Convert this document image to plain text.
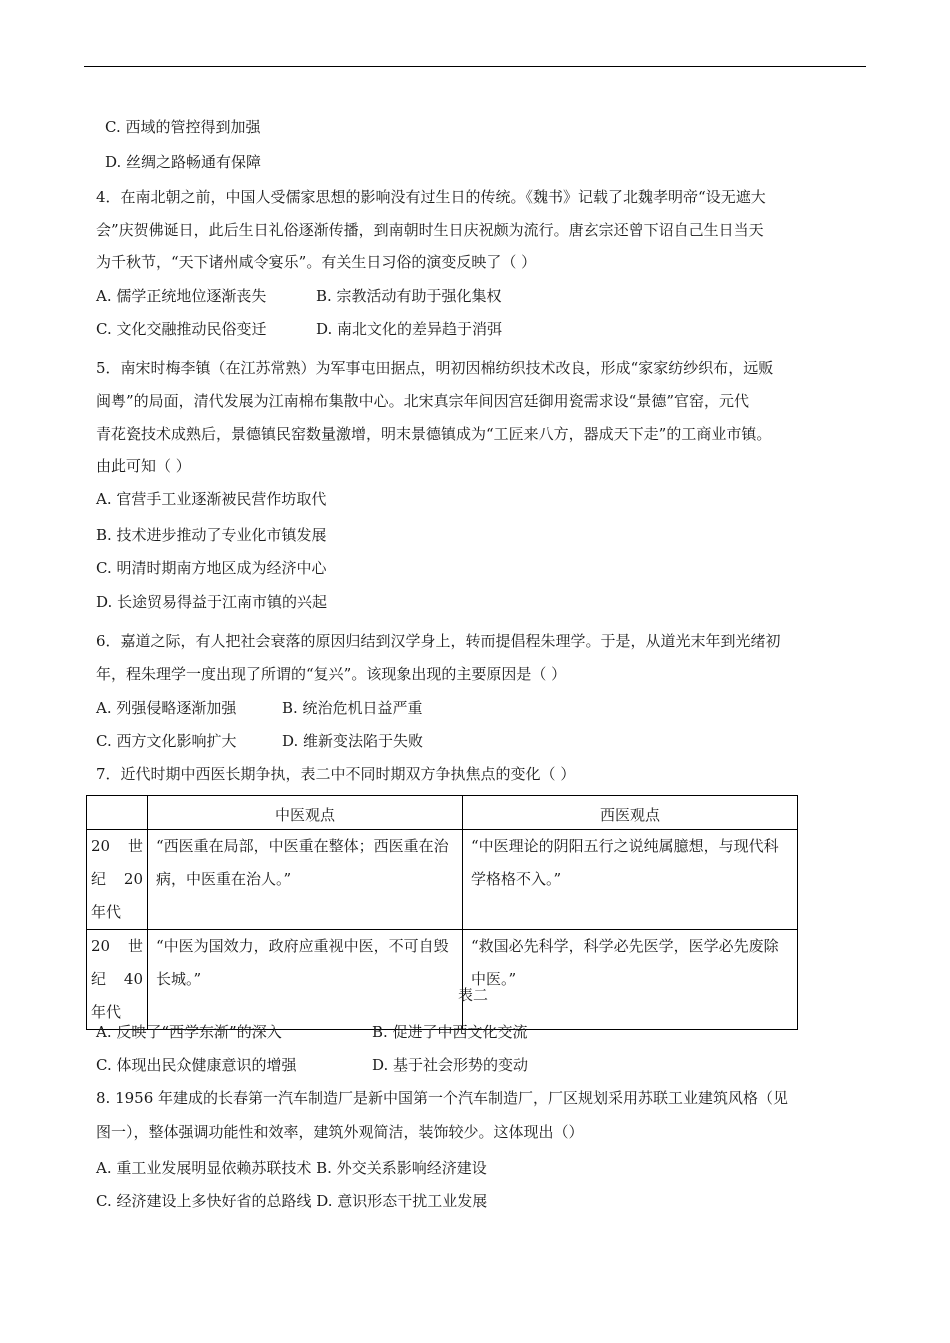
C. 西域的管控得到加强
D. 丝绸之路畅通有保障
4．在南北朝之前，中国人受儒家思想的影响没有过生日的传统。《魏书》记载了北魏孝明帝“设无遮大
会”庆贺佛诞日，此后生日礼俗逐渐传播，到南朝时生日庆祝颇为流行。唐玄宗还曾下诏自己生日当天
为千秋节，“天下诸州咸令宴乐”。有关生日习俗的演变反映了（ ）
A. 儒学正统地位逐渐丧失	B. 宗教活动有助于强化集权
C. 文化交融推动民俗变迁	D. 南北文化的差异趋于消弭
5．南宋时梅李镇（在江苏常熟）为军事屯田据点，明初因棉纺织技术改良，形成“家家纺纱织布，远贩
闽粤”的局面，清代发展为江南棉布集散中心。北宋真宗年间因宫廷御用瓷需求设“景德”官窑，元代
青花瓷技术成熟后，景德镇民窑数量激增，明末景德镇成为“工匠来八方，器成天下走”的工商业市镇。
由此可知（ ）
A. 官营手工业逐渐被民营作坊取代
B. 技术进步推动了专业化市镇发展
C. 明清时期南方地区成为经济中心
D. 长途贸易得益于江南市镇的兴起
6．嘉道之际，有人把社会衰落的原因归结到汉学身上，转而提倡程朱理学。于是，从道光末年到光绪初
年，程朱理学一度出现了所谓的“复兴”。该现象出现的主要原因是（ ）
A. 列强侵略逐渐加强	B. 统治危机日益严重
C. 西方文化影响扩大	D. 维新变法陷于失败
7．近代时期中西医长期争执，表二中不同时期双方争执焦点的变化（ ）
	中医观点	西医观点
20 世纪 20 年代	“西医重在局部，中医重在整体；西医重在治病，中医重在治人。”	“中医理论的阴阳五行之说纯属臆想，与现代科学格格不入。”
20 世纪 40 年代	“中医为国效力，政府应重视中医，不可自毁长城。”	“救国必先科学，科学必先医学，医学必先废除中医。”
表二
A. 反映了“西学东渐”的深入	B. 促进了中西文化交流
C. 体现出民众健康意识的增强	D. 基于社会形势的变动
8. 1956 年建成的长春第一汽车制造厂是新中国第一个汽车制造厂，厂区规划采用苏联工业建筑风格（见
图一），整体强调功能性和效率，建筑外观简洁，装饰较少。这体现出（）
A. 重工业发展明显依赖苏联技术 B. 外交关系影响经济建设
C. 经济建设上多快好省的总路线 D. 意识形态干扰工业发展
